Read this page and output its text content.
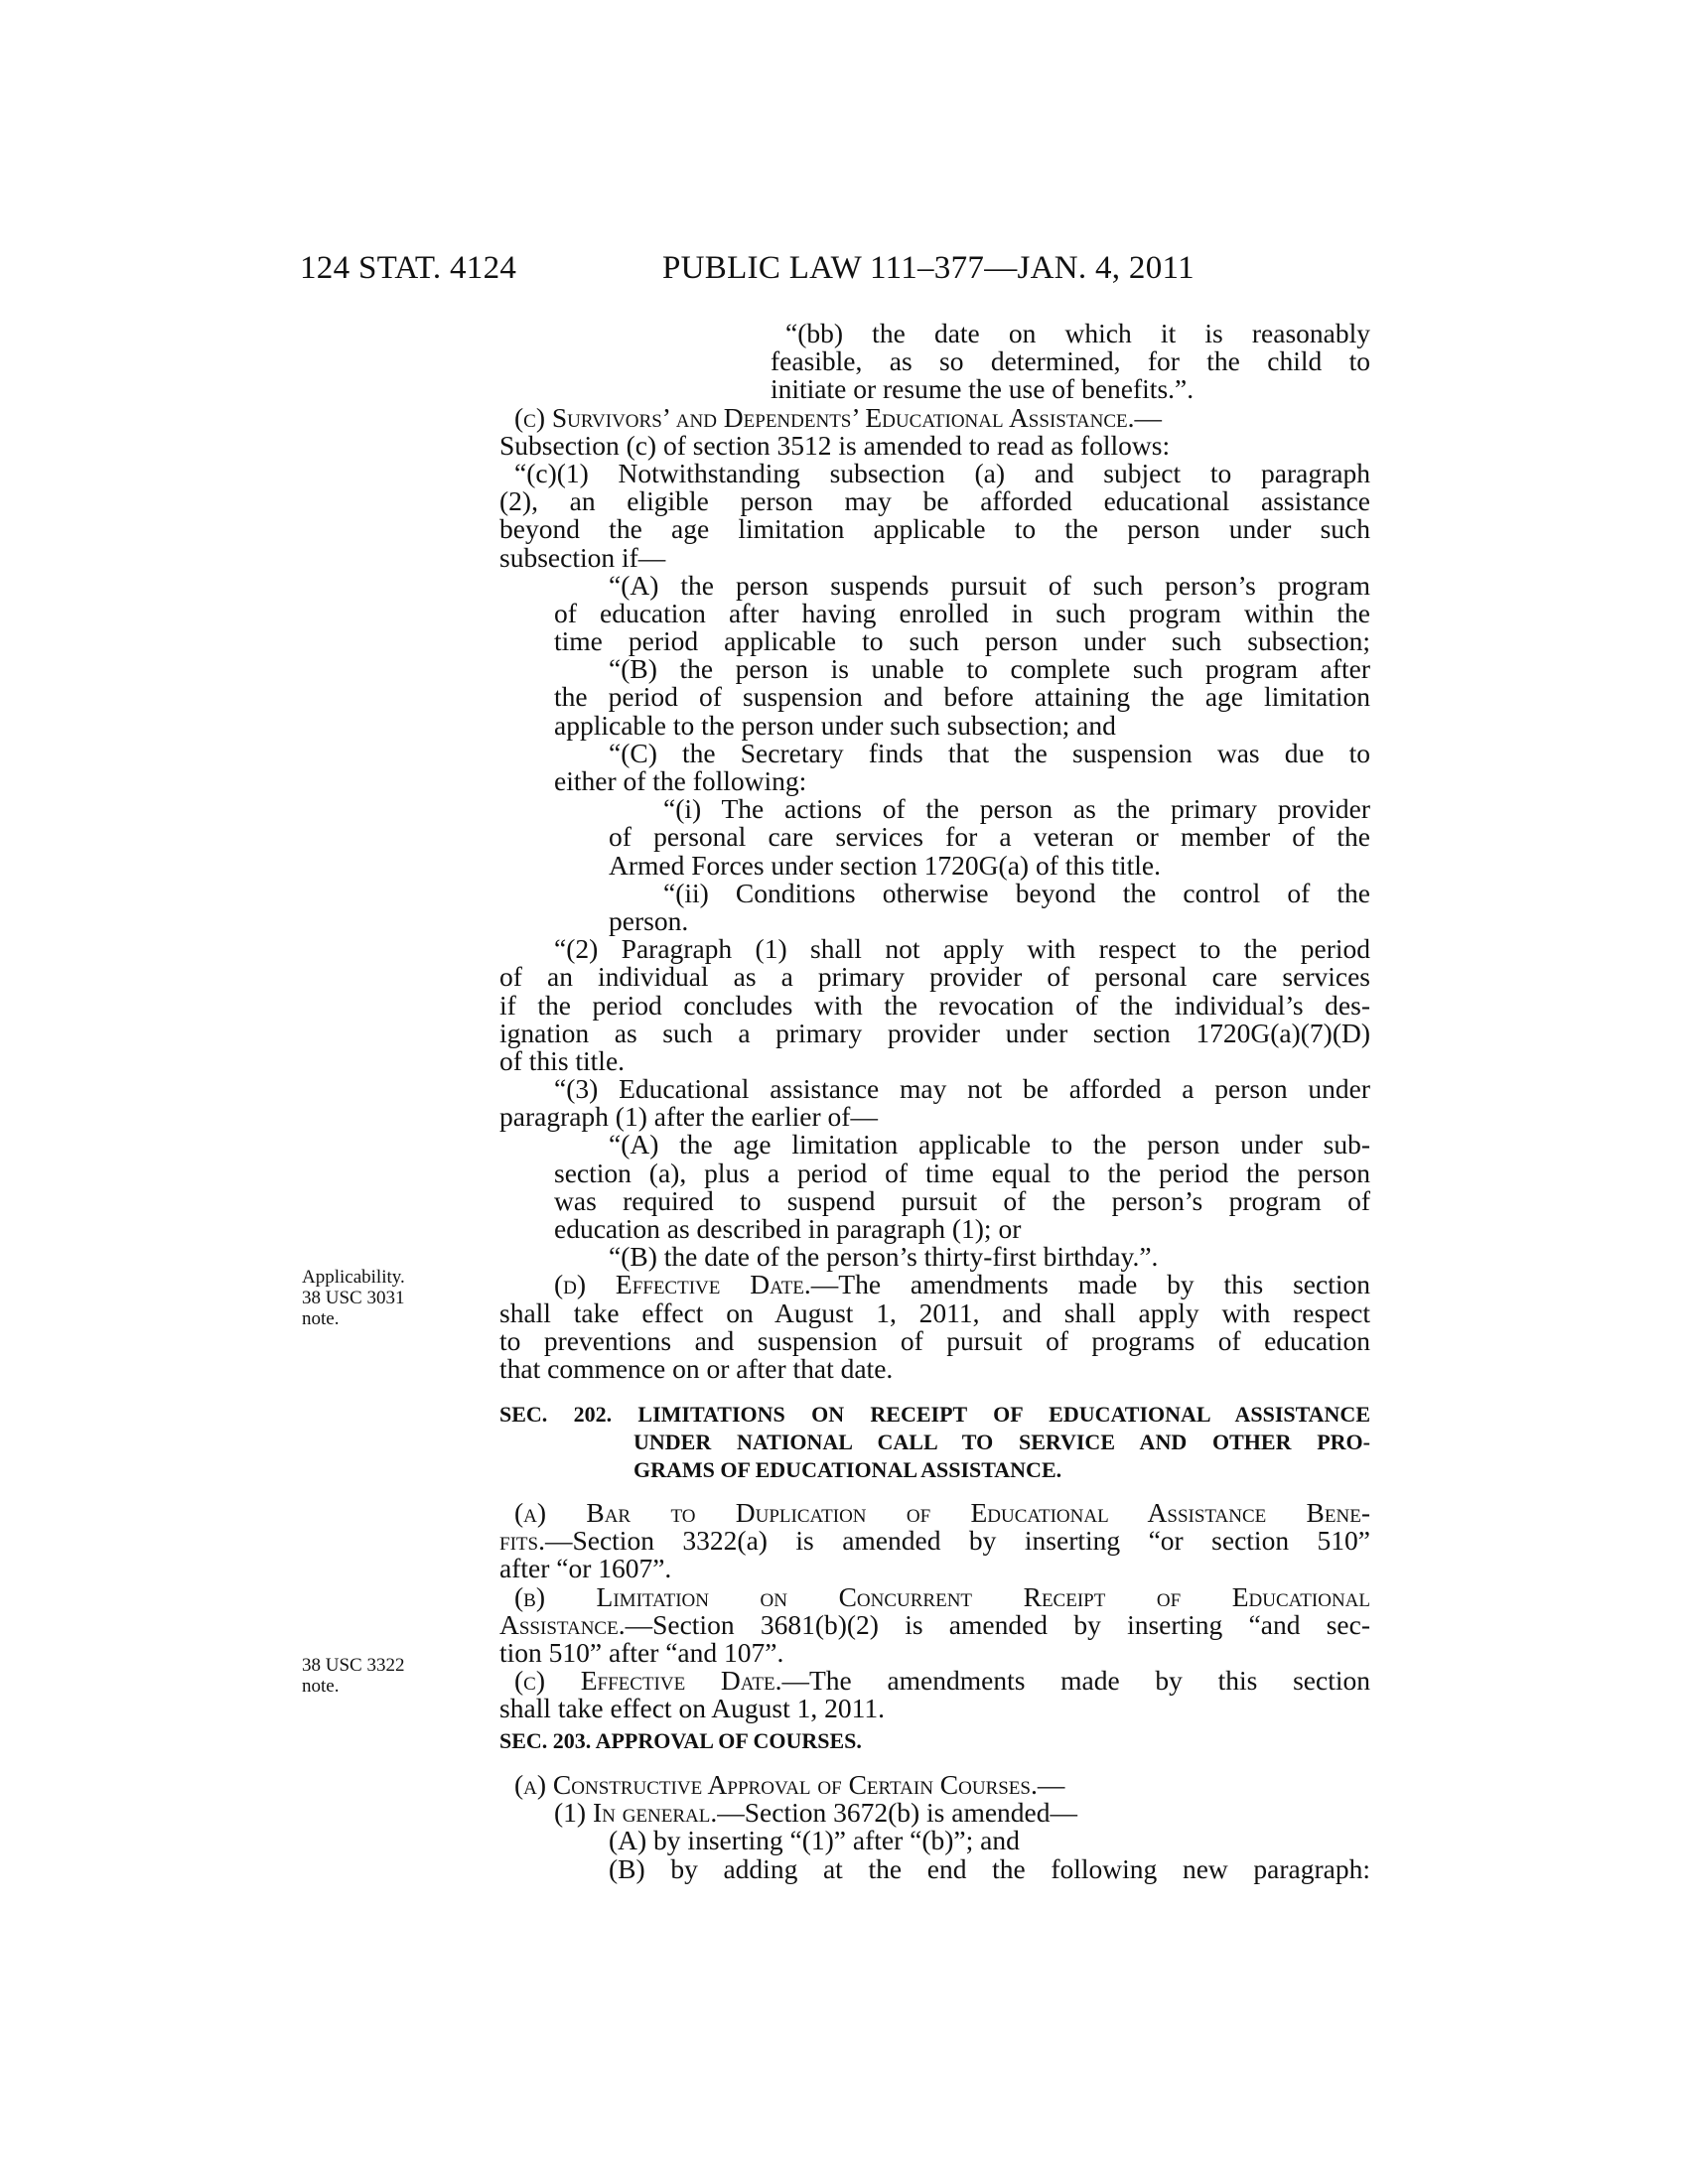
124 STAT. 4124	PUBLIC LAW 111–377—JAN. 4, 2011
Applicability.
38 USC 3031
note.
38 USC 3322
note.
“(bb) the date on which it is reasonably
feasible, as so determined, for the child to
initiate or resume the use of benefits.”.
(c) Survivors’ and Dependents’ Educational Assistance.—
Subsection (c) of section 3512 is amended to read as follows:
“(c)(1) Notwithstanding subsection (a) and subject to paragraph
(2), an eligible person may be afforded educational assistance
beyond the age limitation applicable to the person under such
subsection if—
“(A) the person suspends pursuit of such person’s program
of education after having enrolled in such program within the
time period applicable to such person under such subsection;
“(B) the person is unable to complete such program after
the period of suspension and before attaining the age limitation
applicable to the person under such subsection; and
“(C) the Secretary finds that the suspension was due to
either of the following:
“(i) The actions of the person as the primary provider
of personal care services for a veteran or member of the
Armed Forces under section 1720G(a) of this title.
“(ii) Conditions otherwise beyond the control of the
person.
“(2) Paragraph (1) shall not apply with respect to the period
of an individual as a primary provider of personal care services
if the period concludes with the revocation of the individual’s des-
ignation as such a primary provider under section 1720G(a)(7)(D)
of this title.
“(3) Educational assistance may not be afforded a person under
paragraph (1) after the earlier of—
“(A) the age limitation applicable to the person under sub-
section (a), plus a period of time equal to the period the person
was required to suspend pursuit of the person’s program of
education as described in paragraph (1); or
“(B) the date of the person’s thirty-first birthday.”.
(d) Effective Date.—The amendments made by this section
shall take effect on August 1, 2011, and shall apply with respect
to preventions and suspension of pursuit of programs of education
that commence on or after that date.
SEC. 202. LIMITATIONS ON RECEIPT OF EDUCATIONAL ASSISTANCE
UNDER NATIONAL CALL TO SERVICE AND OTHER PRO-
GRAMS OF EDUCATIONAL ASSISTANCE.
(a) Bar to Duplication of Educational Assistance Bene-
fits.—Section 3322(a) is amended by inserting “or section 510”
after “or 1607”.
(b) Limitation on Concurrent Receipt of Educational
Assistance.—Section 3681(b)(2) is amended by inserting “and sec-
tion 510” after “and 107”.
(c) Effective Date.—The amendments made by this section
shall take effect on August 1, 2011.
SEC. 203. APPROVAL OF COURSES.
(a) Constructive Approval of Certain Courses.—
(1) In general.—Section 3672(b) is amended—
(A) by inserting “(1)” after “(b)”; and
(B) by adding at the end the following new paragraph:
